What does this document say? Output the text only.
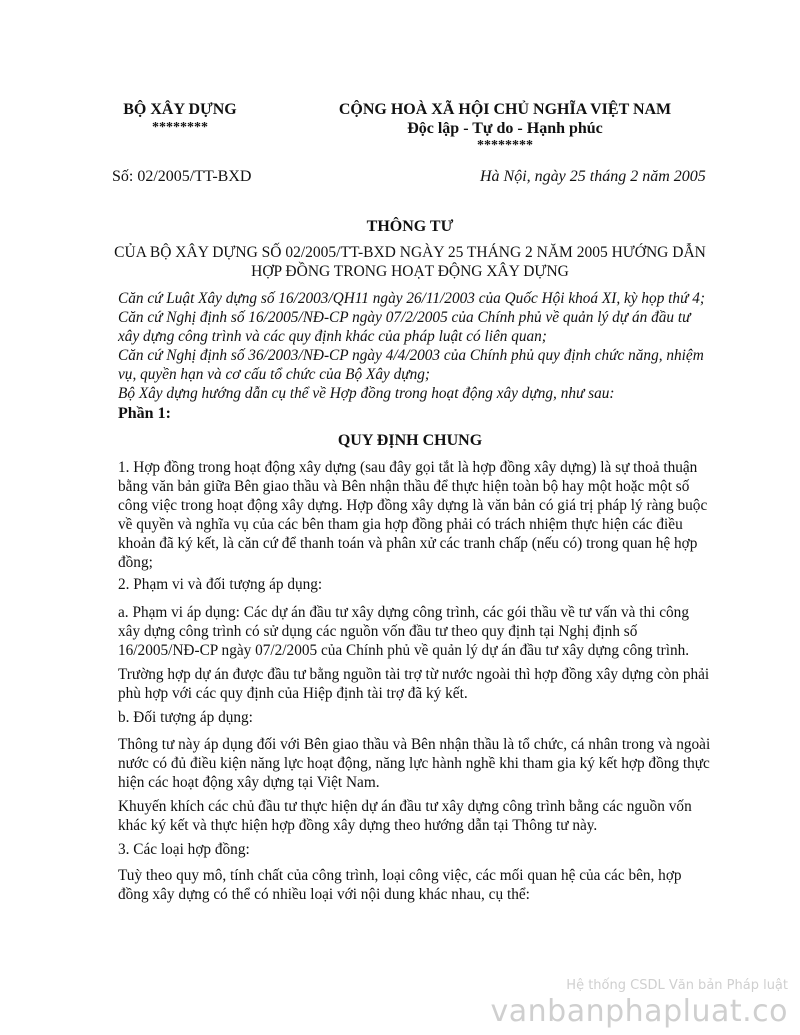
BỘ XÂY DỰNG
********
Số: 02/2005/TT-BXD
CỘNG HOÀ XÃ HỘI CHỦ NGHĨA VIỆT NAM
Độc lập - Tự do - Hạnh phúc
********
Hà Nội, ngày 25 tháng 2 năm 2005
THÔNG TƯ
CỦA BỘ XÂY DỰNG SỐ 02/2005/TT-BXD NGÀY 25 THÁNG 2 NĂM 2005 HƯỚNG DẪN
HỢP ĐỒNG TRONG HOẠT ĐỘNG XÂY DỰNG
Căn cứ Luật Xây dựng số 16/2003/QH11 ngày 26/11/2003 của Quốc Hội khoá XI, kỳ họp thứ 4;
Căn cứ Nghị định số 16/2005/NĐ-CP ngày 07/2/2005 của Chính phủ về quản lý dự án đầu tư
xây dựng công trình và các quy định khác của pháp luật có liên quan;
Căn cứ Nghị định số 36/2003/NĐ-CP ngày 4/4/2003 của Chính phủ quy định chức năng, nhiệm
vụ, quyền hạn và cơ cấu tổ chức của Bộ Xây dựng;
Bộ Xây dựng hướng dẫn cụ thể về Hợp đồng trong hoạt động xây dựng, như sau:
Phần 1:
QUY ĐỊNH CHUNG
1. Hợp đồng trong hoạt động xây dựng (sau đây gọi tắt là hợp đồng xây dựng) là sự thoả thuận
bằng văn bản giữa Bên giao thầu và Bên nhận thầu để thực hiện toàn bộ hay một hoặc một số
công việc trong hoạt động xây dựng. Hợp đồng xây dựng là văn bản có giá trị pháp lý ràng buộc
về quyền và nghĩa vụ của các bên tham gia hợp đồng phải có trách nhiệm thực hiện các điều
khoản đã ký kết, là căn cứ để thanh toán và phân xử các tranh chấp (nếu có) trong quan hệ hợp
đồng;
2. Phạm vi và đối tượng áp dụng:
a. Phạm vi áp dụng: Các dự án đầu tư xây dựng công trình, các gói thầu về tư vấn và thi công
xây dựng công trình có sử dụng các nguồn vốn đầu tư theo quy định tại Nghị định số
16/2005/NĐ-CP ngày 07/2/2005 của Chính phủ về quản lý dự án đầu tư xây dựng công trình.
Trường hợp dự án được đầu tư bằng nguồn tài trợ từ nước ngoài thì hợp đồng xây dựng còn phải
phù hợp với các quy định của Hiệp định tài trợ đã ký kết.
b. Đối tượng áp dụng:
Thông tư này áp dụng đối với Bên giao thầu và Bên nhận thầu là tổ chức, cá nhân trong và ngoài
nước có đủ điều kiện năng lực hoạt động, năng lực hành nghề khi tham gia ký kết hợp đồng thực
hiện các hoạt động xây dựng tại Việt Nam.
Khuyến khích các chủ đầu tư thực hiện dự án đầu tư xây dựng công trình bằng các nguồn vốn
khác ký kết và thực hiện hợp đồng xây dựng theo hướng dẫn tại Thông tư này.
3. Các loại hợp đồng:
Tuỳ theo quy mô, tính chất của công trình, loại công việc, các mối quan hệ của các bên, hợp
đồng xây dựng có thể có nhiều loại với nội dung khác nhau, cụ thể:
Hệ thống CSDL Văn bản Pháp luật
vanbanphapluat.co
